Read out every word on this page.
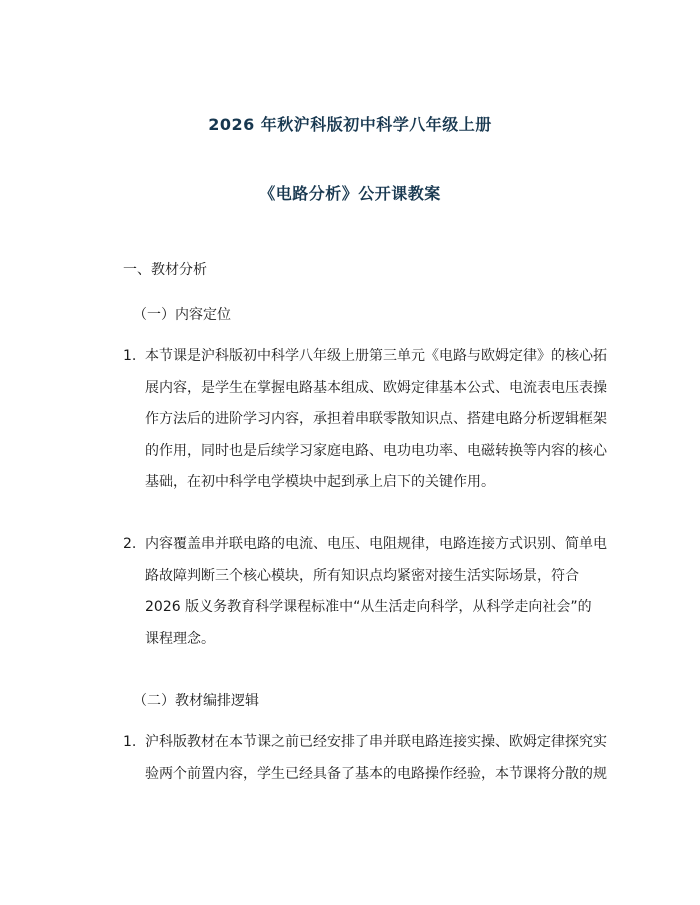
2026 年秋沪科版初中科学八年级上册
《电路分析》公开课教案

一、教材分析

（一）内容定位

1. 本节课是沪科版初中科学八年级上册第三单元《电路与欧姆定律》的核心拓
展内容，是学生在掌握电路基本组成、欧姆定律基本公式、电流表电压表操
作方法后的进阶学习内容，承担着串联零散知识点、搭建电路分析逻辑框架
的作用，同时也是后续学习家庭电路、电功电功率、电磁转换等内容的核心
基础，在初中科学电学模块中起到承上启下的关键作用。
2. 内容覆盖串并联电路的电流、电压、电阻规律，电路连接方式识别、简单电
路故障判断三个核心模块，所有知识点均紧密对接生活实际场景，符合
2026 版义务教育科学课程标准中“从生活走向科学，从科学走向社会”的
课程理念。

（二）教材编排逻辑

1. 沪科版教材在本节课之前已经安排了串并联电路连接实操、欧姆定律探究实
验两个前置内容，学生已经具备了基本的电路操作经验，本节课将分散的规
